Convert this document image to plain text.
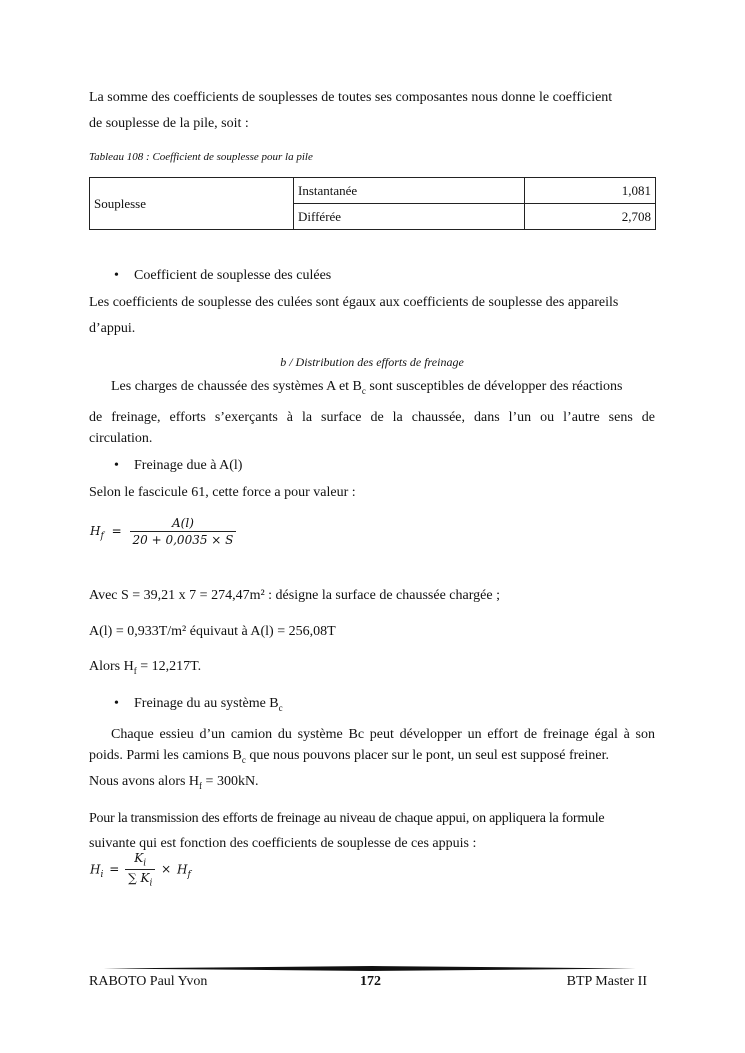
La somme des coefficients de souplesses de toutes ses composantes nous donne le coefficient
de souplesse de la pile, soit :
Tableau 108 : Coefficient de souplesse pour la pile
Souplesse	Instantanée	1,081
	Différée	2,708
• Coefficient de souplesse des culées
Les coefficients de souplesse des culées sont égaux aux coefficients de souplesse des appareils
d’appui.
b / Distribution des efforts de freinage
Les charges de chaussée des systèmes A et $B_c$ sont susceptibles de développer des réactions
de freinage, efforts s’exerçants à la surface de la chaussée, dans l’un ou l’autre sens de
circulation.
• Freinage due à A(l)
Selon le fascicule 61, cette force a pour valeur :
$H_f = \frac{A(l)}{20 + 0,0035 \times S}$
Avec S = 39,21 x 7 = 274,47m² : désigne la surface de chaussée chargée ;
A(l) = 0,933T/m² équivaut à A(l) = 256,08T
Alors $H_f = 12,217T$.
• Freinage du au système $B_c$
Chaque essieu d’un camion du système Bc peut développer un effort de freinage égal à son
poids. Parmi les camions $B_c$ que nous pouvons placer sur le pont, un seul est supposé freiner.
Nous avons alors $H_f = 300kN$.
Pour la transmission des efforts de freinage au niveau de chaque appui, on appliquera la formule
suivante qui est fonction des coefficients de souplesse de ces appuis :
$H_i = \frac{K_i}{\sum K_i} \times H_f$
RABOTO Paul Yvon	172	BTP Master II
